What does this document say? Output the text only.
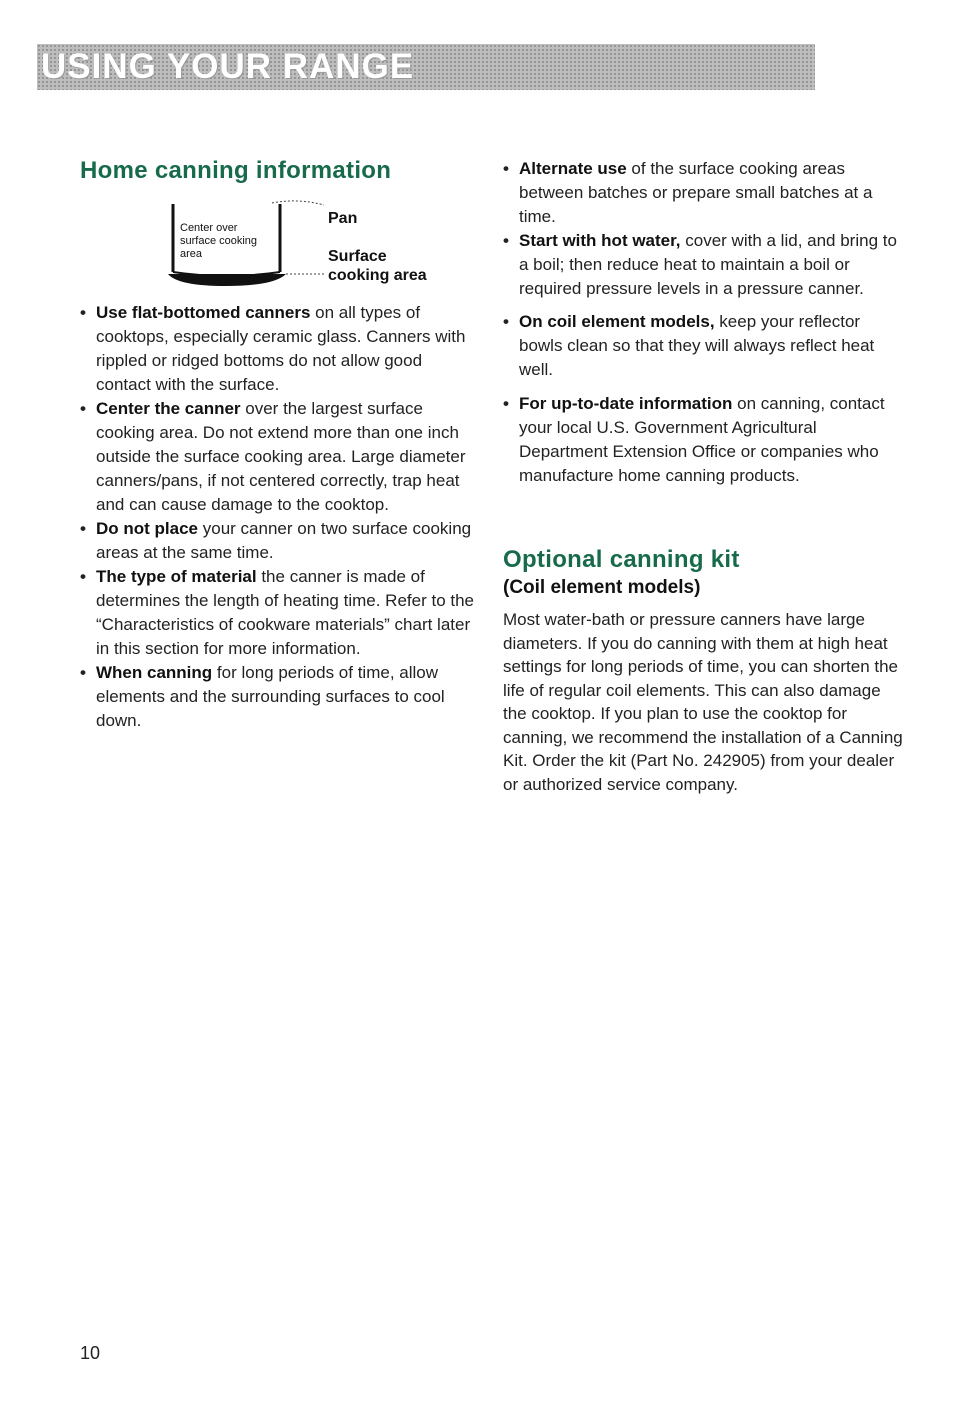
USING YOUR RANGE
Home canning information
• Use flat-bottomed canners on all types of cooktops, especially ceramic glass. Canners with rippled or ridged bottoms do not allow good contact with the surface.
• Center the canner over the largest surface cooking area. Do not extend more than one inch outside the surface cooking area. Large diameter canners/pans, if not centered correctly, trap heat and can cause damage to the cooktop.
• Do not place your canner on two surface cooking areas at the same time.
• The type of material the canner is made of determines the length of heating time. Refer to the “Characteristics of cookware materials” chart later in this section for more information.
• When canning for long periods of time, allow elements and the surrounding surfaces to cool down.
Center over
surface cooking
area
Pan
Surface
cooking area
• Alternate use of the surface cooking areas between batches or prepare small batches at a time.
• Start with hot water, cover with a lid, and bring to a boil; then reduce heat to maintain a boil or required pressure levels in a pressure canner.
• On coil element models, keep your reflector bowls clean so that they will always reflect heat well.
• For up-to-date information on canning, contact your local U.S. Government Agricultural Department Extension Office or companies who manufacture home canning products.
Optional canning kit
(Coil element models)

Most water-bath or pressure canners have large diameters. If you do canning with them at high heat settings for long periods of time, you can shorten the life of regular coil elements. This can also damage the cooktop. If you plan to use the cooktop for canning, we recommend the installation of a Canning Kit. Order the kit (Part No. 242905) from your dealer or authorized service company.

10
